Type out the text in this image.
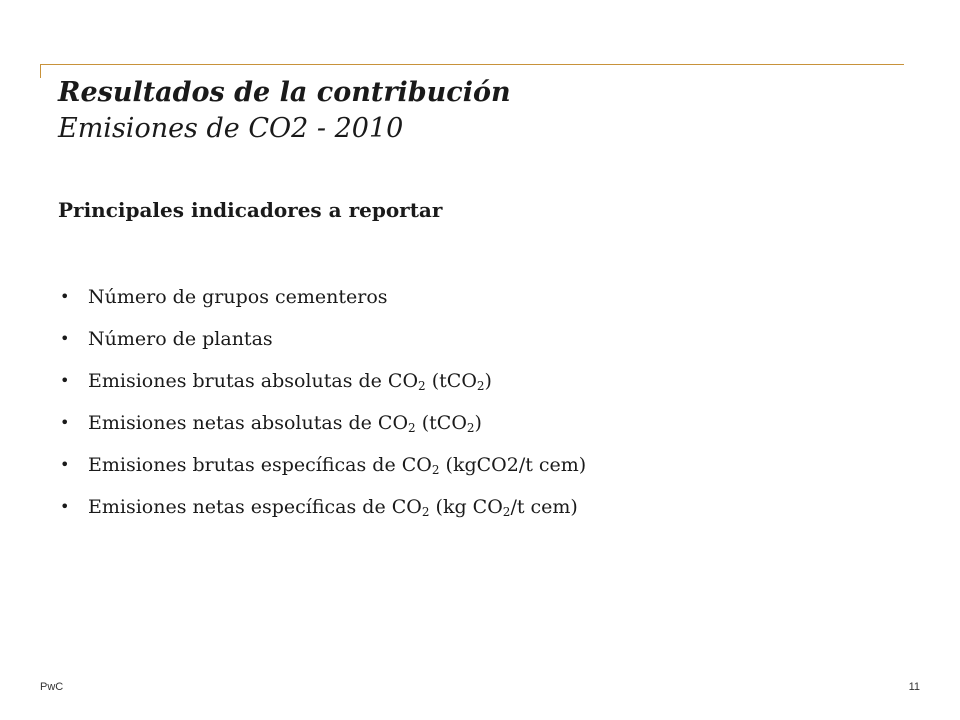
Resultados de la contribución
Emisiones de CO2 - 2010
Principales indicadores a reportar
• Número de grupos cementeros
• Número de plantas
• Emisiones brutas absolutas de $CO_2$ (tCO$_2$)
• Emisiones netas absolutas de $CO_2$ (tCO$_2$)
• Emisiones brutas específicas de $CO_2$ (kgCO2/t cem)
• Emisiones netas específicas de $CO_2$ (kg $CO_2/t$ cem)
PwC	11
